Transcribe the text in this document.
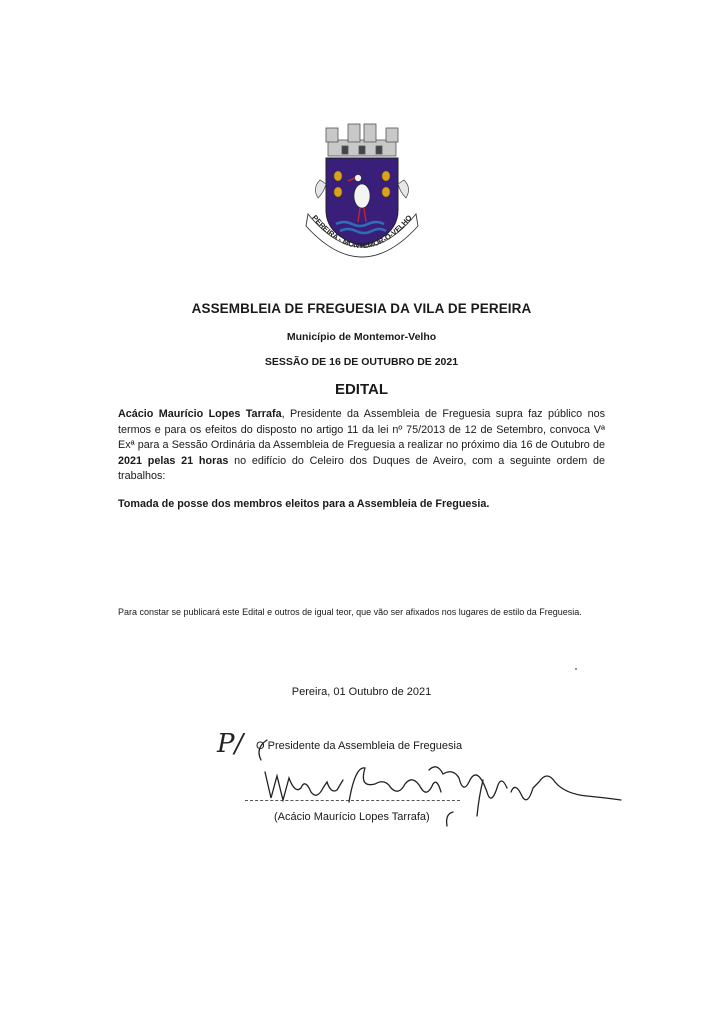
PEREIRA - MONTEMOR-O-VELHO
ASSEMBLEIA DE FREGUESIA DA VILA DE PEREIRA
Município de Montemor-Velho
SESSÃO DE 16 DE OUTUBRO DE 2021
EDITAL

Acácio Maurício Lopes Tarrafa, Presidente da Assembleia de Freguesia supra faz público nos termos e para os efeitos do disposto no artigo 11 da lei nº 75/2013 de 12 de Setembro, convoca Vª Exª para a Sessão Ordinária da Assembleia de Freguesia a realizar no próximo dia 16 de Outubro de 2021 pelas 21 horas no edifício do Celeiro dos Duques de Aveiro, com a seguinte ordem de trabalhos:

Tomada de posse dos membros eleitos para a Assembleia de Freguesia.
Para constar se publicará este Edital e outros de igual teor, que vão ser afixados nos lugares de estilo da Freguesia.
Pereira, 01 Outubro de 2021
O Presidente da Assembleia de Freguesia
(Acácio Maurício Lopes Tarrafa)
P/
